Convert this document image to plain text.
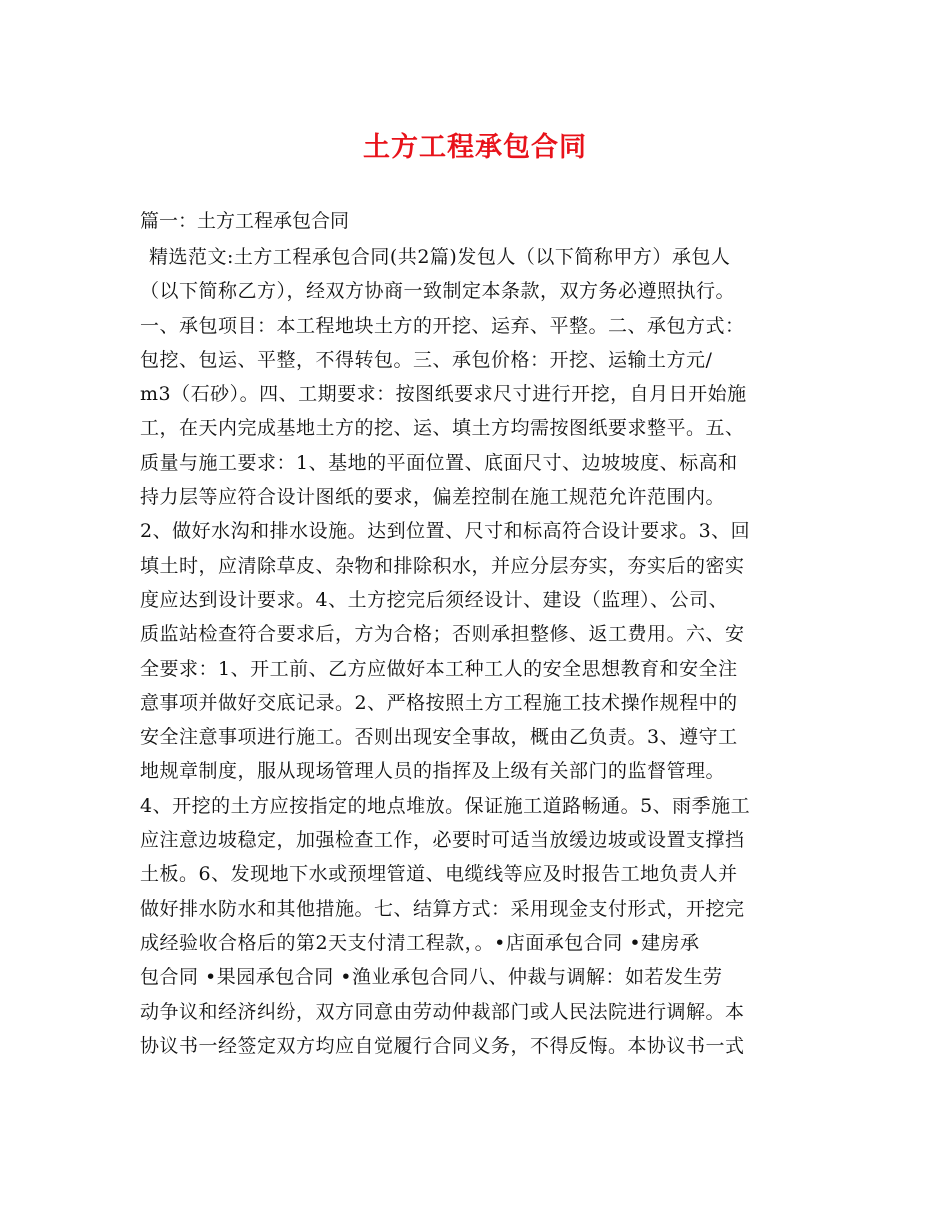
土方工程承包合同
篇一：土方工程承包合同
精选范文:土方工程承包合同(共2篇)发包人（以下简称甲方）承包人
（以下简称乙方），经双方协商一致制定本条款，双方务必遵照执行。
一、承包项目：本工程地块土方的开挖、运弃、平整。二、承包方式：
包挖、包运、平整，不得转包。三、承包价格：开挖、运输土方元/
m3（石砂）。四、工期要求：按图纸要求尺寸进行开挖，自月日开始施
工，在天内完成基地土方的挖、运、填土方均需按图纸要求整平。五、
质量与施工要求：1、基地的平面位置、底面尺寸、边坡坡度、标高和
持力层等应符合设计图纸的要求，偏差控制在施工规范允许范围内。
2、做好水沟和排水设施。达到位置、尺寸和标高符合设计要求。3、回
填土时，应清除草皮、杂物和排除积水，并应分层夯实，夯实后的密实
度应达到设计要求。4、土方挖完后须经设计、建设（监理）、公司、
质监站检查符合要求后，方为合格；否则承担整修、返工费用。六、安
全要求：1、开工前、乙方应做好本工种工人的安全思想教育和安全注
意事项并做好交底记录。2、严格按照土方工程施工技术操作规程中的
安全注意事项进行施工。否则出现安全事故，概由乙负责。3、遵守工
地规章制度，服从现场管理人员的指挥及上级有关部门的监督管理。
4、开挖的土方应按指定的地点堆放。保证施工道路畅通。5、雨季施工
应注意边坡稳定，加强检查工作，必要时可适当放缓边坡或设置支撑挡
土板。6、发现地下水或预埋管道、电缆线等应及时报告工地负责人并
做好排水防水和其他措施。七、结算方式：采用现金支付形式，开挖完
成经验收合格后的第2天支付清工程款，。•店面承包合同 •建房承
包合同 •果园承包合同 •渔业承包合同八、仲裁与调解：如若发生劳
动争议和经济纠纷，双方同意由劳动仲裁部门或人民法院进行调解。本
协议书一经签定双方均应自觉履行合同义务，不得反悔。本协议书一式
